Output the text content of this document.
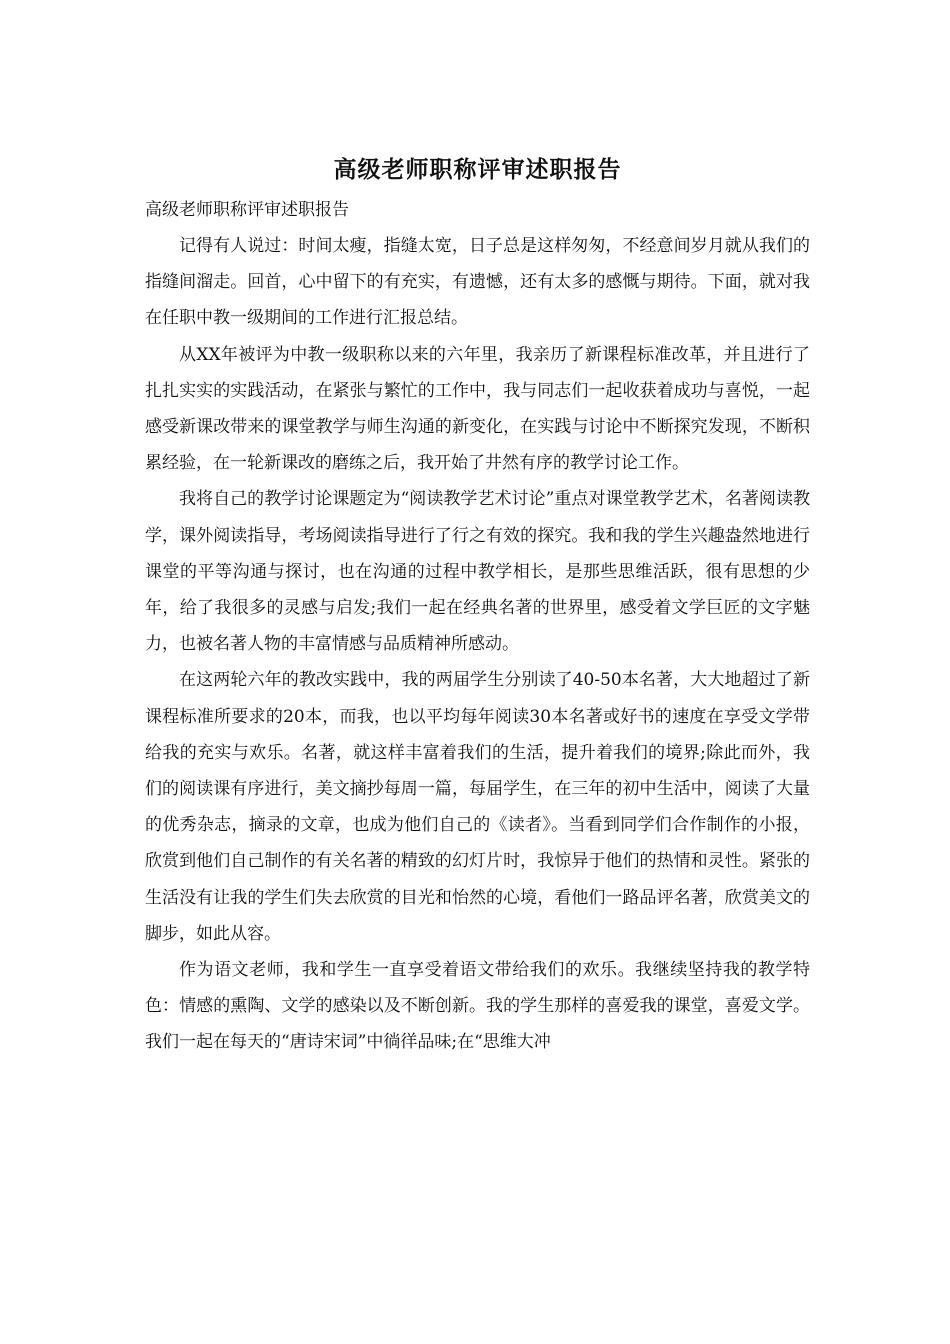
高级老师职称评审述职报告

高级老师职称评审述职报告

记得有人说过：时间太瘦，指缝太宽，日子总是这样匆匆，不经意间岁月就从我们的指缝间溜走。回首，心中留下的有充实，有遗憾，还有太多的感慨与期待。下面，就对我在任职中教一级期间的工作进行汇报总结。

从XX年被评为中教一级职称以来的六年里，我亲历了新课程标准改革，并且进行了扎扎实实的实践活动，在紧张与繁忙的工作中，我与同志们一起收获着成功与喜悦，一起感受新课改带来的课堂教学与师生沟通的新变化，在实践与讨论中不断探究发现，不断积累经验，在一轮新课改的磨练之后，我开始了井然有序的教学讨论工作。

我将自己的教学讨论课题定为“阅读教学艺术讨论”重点对课堂教学艺术，名著阅读教学，课外阅读指导，考场阅读指导进行了行之有效的探究。我和我的学生兴趣盎然地进行课堂的平等沟通与探讨，也在沟通的过程中教学相长，是那些思维活跃，很有思想的少年，给了我很多的灵感与启发;我们一起在经典名著的世界里，感受着文学巨匠的文字魅力，也被名著人物的丰富情感与品质精神所感动。

在这两轮六年的教改实践中，我的两届学生分别读了40-50本名著，大大地超过了新课程标准所要求的20本，而我，也以平均每年阅读30本名著或好书的速度在享受文学带给我的充实与欢乐。名著，就这样丰富着我们的生活，提升着我们的境界;除此而外，我们的阅读课有序进行，美文摘抄每周一篇，每届学生，在三年的初中生活中，阅读了大量的优秀杂志，摘录的文章，也成为他们自己的《读者》。当看到同学们合作制作的小报，欣赏到他们自己制作的有关名著的精致的幻灯片时，我惊异于他们的热情和灵性。紧张的生活没有让我的学生们失去欣赏的目光和怡然的心境，看他们一路品评名著，欣赏美文的脚步，如此从容。

作为语文老师，我和学生一直享受着语文带给我们的欢乐。我继续坚持我的教学特色：情感的熏陶、文学的感染以及不断创新。我的学生那样的喜爱我的课堂，喜爱文学。我们一起在每天的“唐诗宋词”中徜徉品味;在“思维大冲
